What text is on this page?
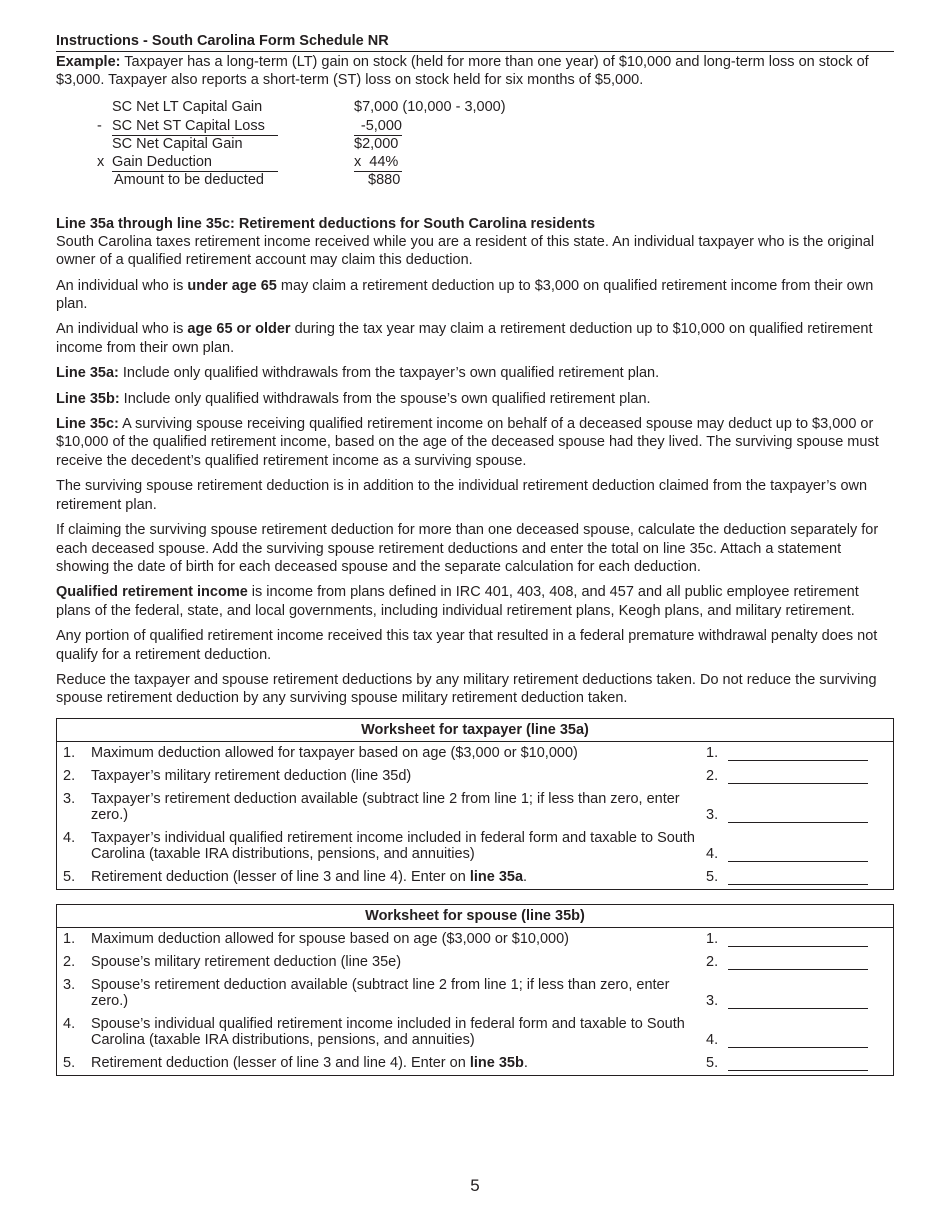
Instructions - South Carolina Form Schedule NR

Example: Taxpayer has a long-term (LT) gain on stock (held for more than one year) of $10,000 and long-term loss on stock of $3,000. Taxpayer also reports a short-term (ST) loss on stock held for six months of $5,000.

SC Net LT Capital Gain	$7,000 (10,000 - 3,000)
- SC Net ST Capital Loss	-5,000
SC Net Capital Gain	$2,000
x Gain Deduction	x  44%
Amount to be deducted	$880
Line 35a through line 35c: Retirement deductions for South Carolina residents

South Carolina taxes retirement income received while you are a resident of this state. An individual taxpayer who is the original owner of a qualified retirement account may claim this deduction.

An individual who is under age 65 may claim a retirement deduction up to $3,000 on qualified retirement income from their own plan.

An individual who is age 65 or older during the tax year may claim a retirement deduction up to $10,000 on qualified retirement income from their own plan.

Line 35a: Include only qualified withdrawals from the taxpayer’s own qualified retirement plan.

Line 35b: Include only qualified withdrawals from the spouse’s own qualified retirement plan.

Line 35c: A surviving spouse receiving qualified retirement income on behalf of a deceased spouse may deduct up to $3,000 or $10,000 of the qualified retirement income, based on the age of the deceased spouse had they lived. The surviving spouse must receive the decedent’s qualified retirement income as a surviving spouse.

The surviving spouse retirement deduction is in addition to the individual retirement deduction claimed from the taxpayer’s own retirement plan.

If claiming the surviving spouse retirement deduction for more than one deceased spouse, calculate the deduction separately for each deceased spouse. Add the surviving spouse retirement deductions and enter the total on line 35c. Attach a statement showing the date of birth for each deceased spouse and the separate calculation for each deduction.

Qualified retirement income is income from plans defined in IRC 401, 403, 408, and 457 and all public employee retirement plans of the federal, state, and local governments, including individual retirement plans, Keogh plans, and military retirement.

Any portion of qualified retirement income received this tax year that resulted in a federal premature withdrawal penalty does not qualify for a retirement deduction.

Reduce the taxpayer and spouse retirement deductions by any military retirement deductions taken. Do not reduce the surviving spouse retirement deduction by any surviving spouse military retirement deduction taken.

Worksheet for taxpayer (line 35a)
1.	Maximum deduction allowed for taxpayer based on age ($3,000 or $10,000)	1.
2.	Taxpayer’s military retirement deduction (line 35d)	2.
3.	Taxpayer’s retirement deduction available (subtract line 2 from line 1; if less than zero, enter zero.)	3.
4.	Taxpayer’s individual qualified retirement income included in federal form and taxable to South Carolina (taxable IRA distributions, pensions, and annuities)	4.
5.	Retirement deduction (lesser of line 3 and line 4). Enter on line 35a.	5.
Worksheet for spouse (line 35b)
1.	Maximum deduction allowed for spouse based on age ($3,000 or $10,000)	1.
2.	Spouse’s military retirement deduction (line 35e)	2.
3.	Spouse’s retirement deduction available (subtract line 2 from line 1; if less than zero, enter zero.)	3.
4.	Spouse’s individual qualified retirement income included in federal form and taxable to South Carolina (taxable IRA distributions, pensions, and annuities)	4.
5.	Retirement deduction (lesser of line 3 and line 4). Enter on line 35b.	5.
5
